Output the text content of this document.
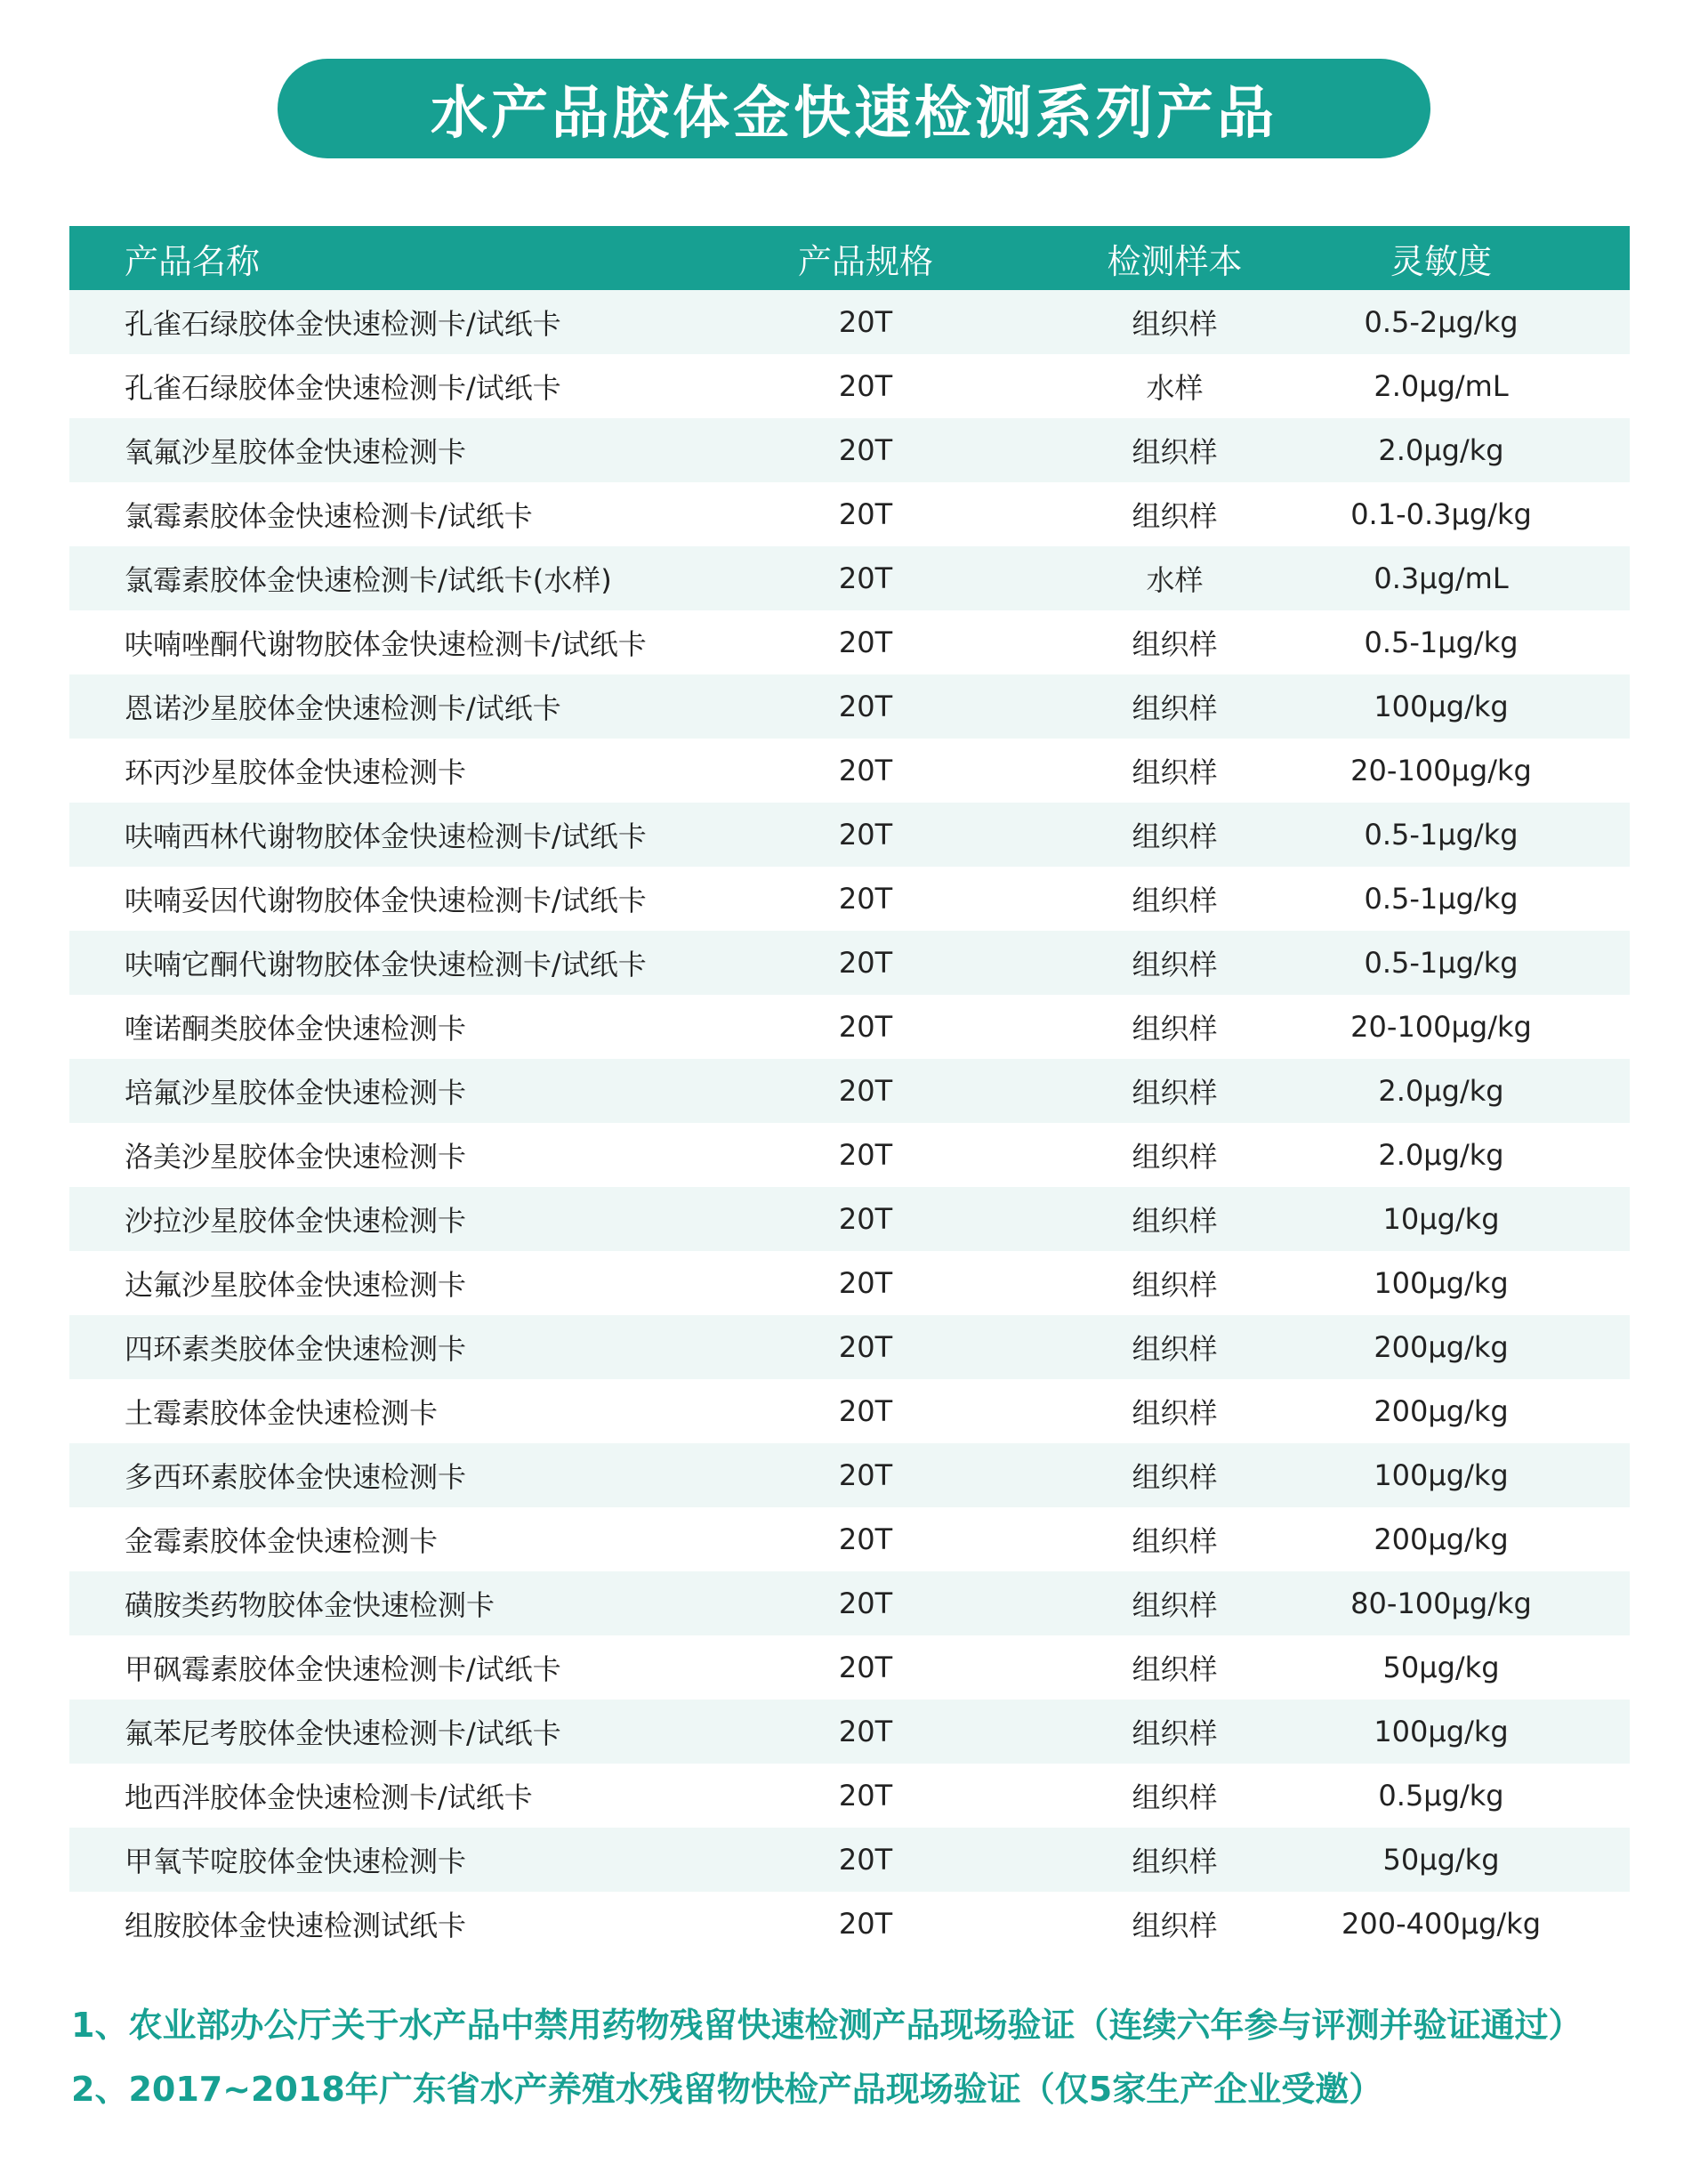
水产品胶体金快速检测系列产品
产品名称	产品规格	检测样本	灵敏度
孔雀石绿胶体金快速检测卡/试纸卡	20T	组织样	0.5-2μg/kg
孔雀石绿胶体金快速检测卡/试纸卡	20T	水样	2.0μg/mL
氧氟沙星胶体金快速检测卡	20T	组织样	2.0μg/kg
氯霉素胶体金快速检测卡/试纸卡	20T	组织样	0.1-0.3μg/kg
氯霉素胶体金快速检测卡/试纸卡(水样)	20T	水样	0.3μg/mL
呋喃唑酮代谢物胶体金快速检测卡/试纸卡	20T	组织样	0.5-1μg/kg
恩诺沙星胶体金快速检测卡/试纸卡	20T	组织样	100μg/kg
环丙沙星胶体金快速检测卡	20T	组织样	20-100μg/kg
呋喃西林代谢物胶体金快速检测卡/试纸卡	20T	组织样	0.5-1μg/kg
呋喃妥因代谢物胶体金快速检测卡/试纸卡	20T	组织样	0.5-1μg/kg
呋喃它酮代谢物胶体金快速检测卡/试纸卡	20T	组织样	0.5-1μg/kg
喹诺酮类胶体金快速检测卡	20T	组织样	20-100μg/kg
培氟沙星胶体金快速检测卡	20T	组织样	2.0μg/kg
洛美沙星胶体金快速检测卡	20T	组织样	2.0μg/kg
沙拉沙星胶体金快速检测卡	20T	组织样	10μg/kg
达氟沙星胶体金快速检测卡	20T	组织样	100μg/kg
四环素类胶体金快速检测卡	20T	组织样	200μg/kg
土霉素胶体金快速检测卡	20T	组织样	200μg/kg
多西环素胶体金快速检测卡	20T	组织样	100μg/kg
金霉素胶体金快速检测卡	20T	组织样	200μg/kg
磺胺类药物胶体金快速检测卡	20T	组织样	80-100μg/kg
甲砜霉素胶体金快速检测卡/试纸卡	20T	组织样	50μg/kg
氟苯尼考胶体金快速检测卡/试纸卡	20T	组织样	100μg/kg
地西泮胶体金快速检测卡/试纸卡	20T	组织样	0.5μg/kg
甲氧苄啶胶体金快速检测卡	20T	组织样	50μg/kg
组胺胶体金快速检测试纸卡	20T	组织样	200-400μg/kg
1、农业部办公厅关于水产品中禁用药物残留快速检测产品现场验证（连续六年参与评测并验证通过）
2、2017~2018年广东省水产养殖水残留物快检产品现场验证（仅5家生产企业受邀）
